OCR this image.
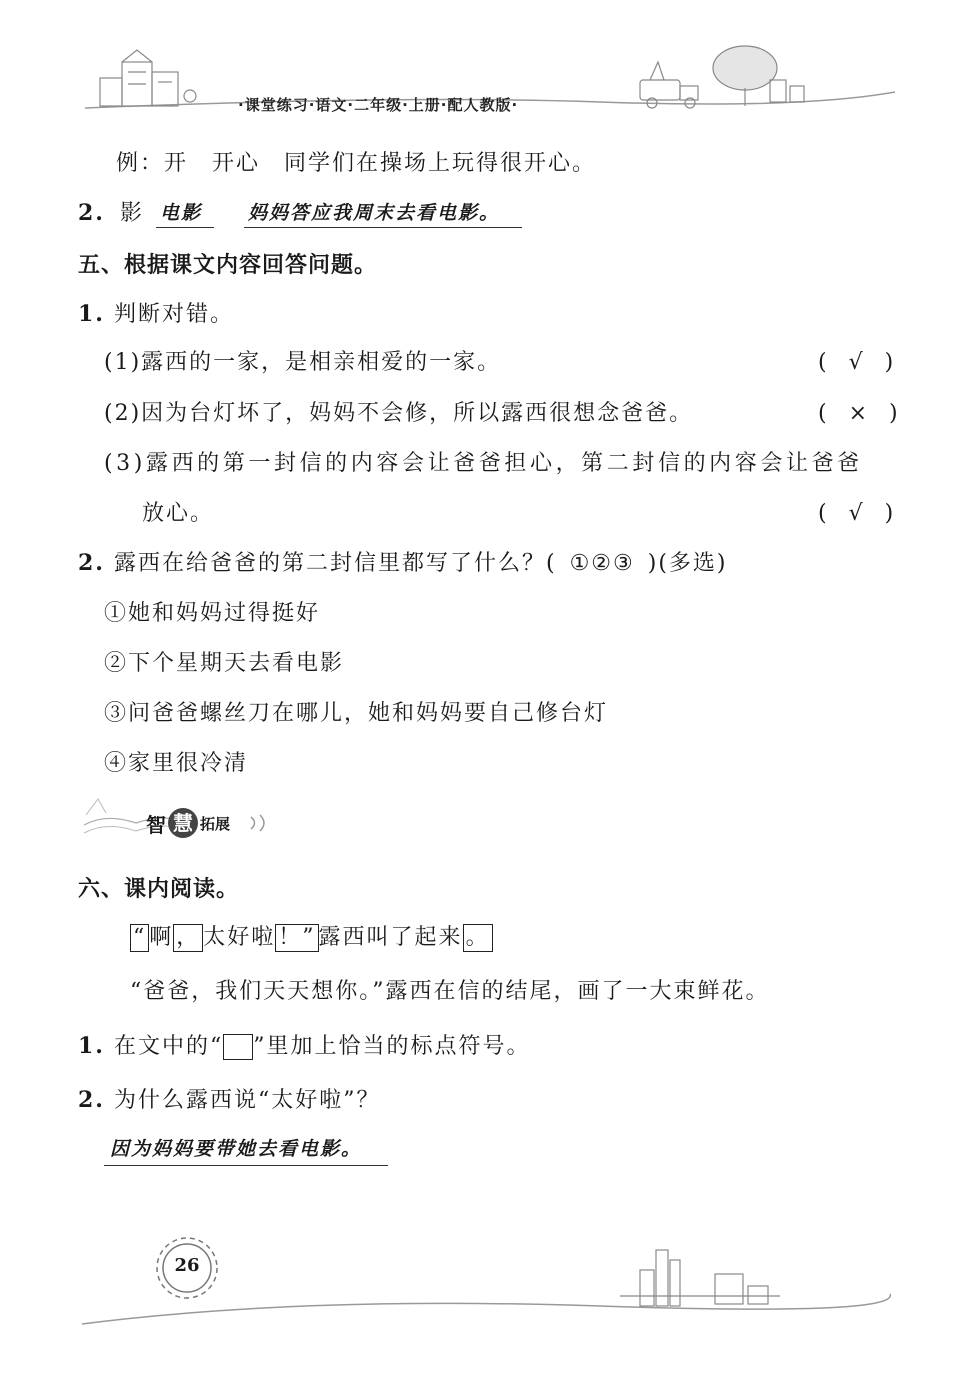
·课堂练习·语文·二年级·上册·配人教版·
例：开　开心　同学们在操场上玩得很开心。
2. 影 电影	妈妈答应我周末去看电影。
五、根据课文内容回答问题。
1. 判断对错。
(1)露西的一家，是相亲相爱的一家。	(　√　)
(2)因为台灯坏了，妈妈不会修，所以露西很想念爸爸。	(　×　)
(3)露西的第一封信的内容会让爸爸担心，第二封信的内容会让爸爸
放心。	(　√　)
2. 露西在给爸爸的第二封信里都写了什么？( ①②③ )(多选)
①她和妈妈过得挺好
②下个星期天去看电影
③问爸爸螺丝刀在哪儿，她和妈妈要自己修台灯
④家里很冷清
智 慧 拓展
六、课内阅读。
“ 啊 ， 太好啦 ！” 露西叫了起来 。
“爸爸，我们天天想你。”露西在信的结尾，画了一大束鲜花。
1. 在文中的“ ”里加上恰当的标点符号。
2. 为什么露西说“太好啦”？
因为妈妈要带她去看电影。
26
